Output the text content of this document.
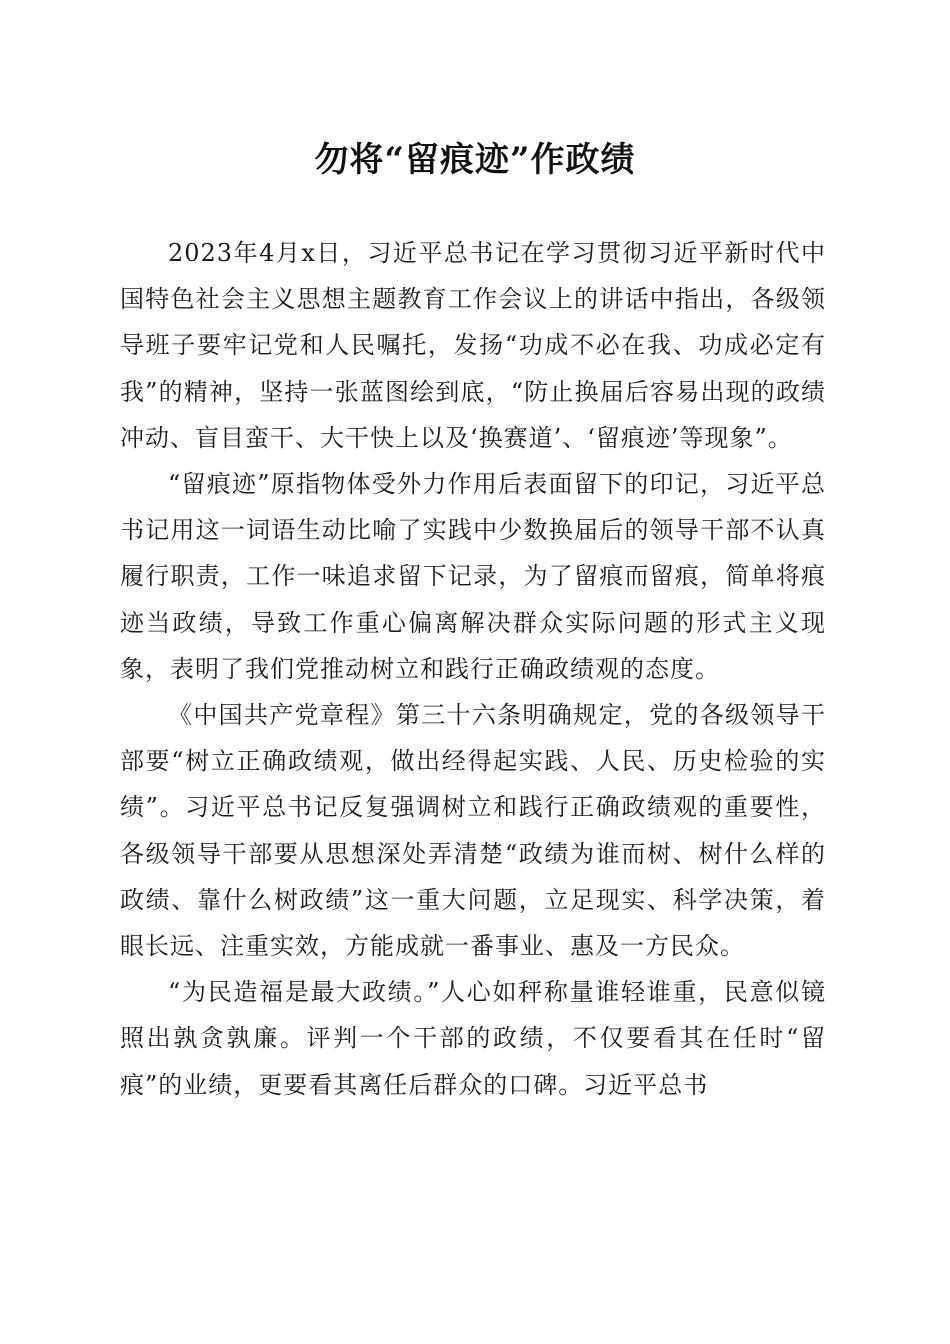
勿将“留痕迹”作政绩

2023年4月x日，习近平总书记在学习贯彻习近平新时代中国特色社会主义思想主题教育工作会议上的讲话中指出，各级领导班子要牢记党和人民嘱托，发扬“功成不必在我、功成必定有我”的精神，坚持一张蓝图绘到底，“防止换届后容易出现的政绩冲动、盲目蛮干、大干快上以及‘换赛道’、‘留痕迹’等现象”。

“留痕迹”原指物体受外力作用后表面留下的印记，习近平总书记用这一词语生动比喻了实践中少数换届后的领导干部不认真履行职责，工作一味追求留下记录，为了留痕而留痕，简单将痕迹当政绩，导致工作重心偏离解决群众实际问题的形式主义现象，表明了我们党推动树立和践行正确政绩观的态度。

《中国共产党章程》第三十六条明确规定，党的各级领导干部要“树立正确政绩观，做出经得起实践、人民、历史检验的实绩”。习近平总书记反复强调树立和践行正确政绩观的重要性，各级领导干部要从思想深处弄清楚“政绩为谁而树、树什么样的政绩、靠什么树政绩”这一重大问题，立足现实、科学决策，着眼长远、注重实效，方能成就一番事业、惠及一方民众。

“为民造福是最大政绩。”人心如秤称量谁轻谁重，民意似镜照出孰贪孰廉。评判一个干部的政绩，不仅要看其在任时“留痕”的业绩，更要看其离任后群众的口碑。习近平总书
